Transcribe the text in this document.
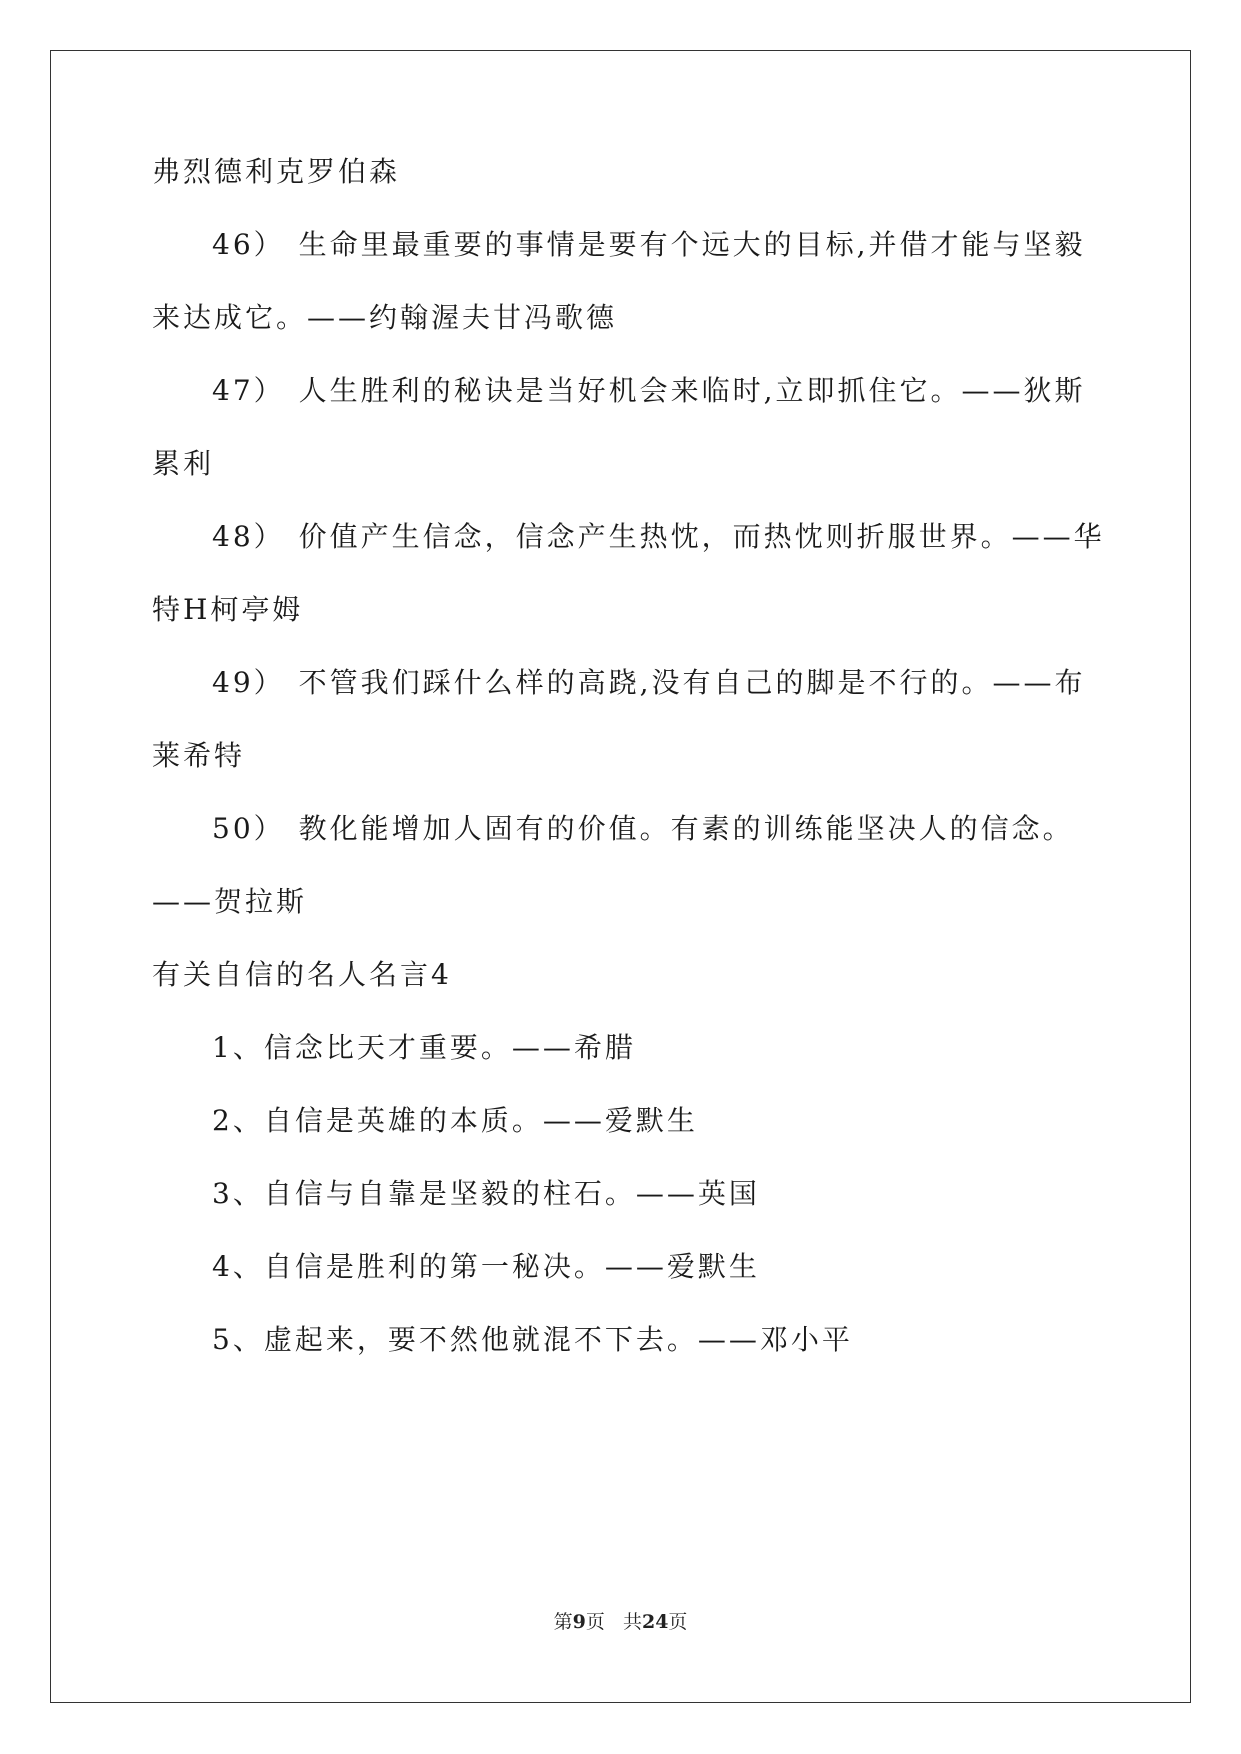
弗烈德利克罗伯森
46） 生命里最重要的事情是要有个远大的目标,并借才能与坚毅
来达成它。——约翰渥夫甘冯歌德
47） 人生胜利的秘诀是当好机会来临时,立即抓住它。——狄斯
累利
48） 价值产生信念，信念产生热忱，而热忱则折服世界。——华
特H柯亭姆
49） 不管我们踩什么样的高跷,没有自己的脚是不行的。——布
莱希特
50） 教化能增加人固有的价值。有素的训练能坚决人的信念。
——贺拉斯
有关自信的名人名言4
1、信念比天才重要。——希腊
2、自信是英雄的本质。——爱默生
3、自信与自靠是坚毅的柱石。——英国
4、自信是胜利的第一秘决。——爱默生
5、虚起来，要不然他就混不下去。——邓小平
第9页 共24页
